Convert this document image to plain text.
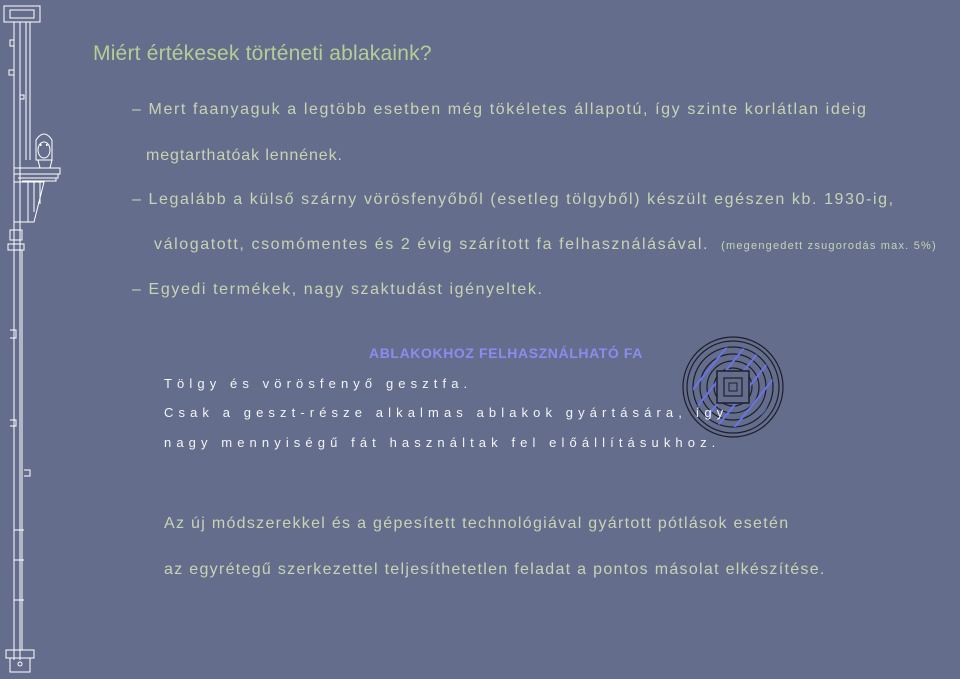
Miért értékesek történeti ablakaink?
– Mert faanyaguk a legtöbb esetben még tökéletes állapotú, így szinte korlátlan ideig
megtarthatóak lennének.
– Legalább a külső szárny vörösfenyőből (esetleg tölgyből) készült egészen kb. 1930-ig,
válogatott, csomómentes és 2 évig szárított fa felhasználásával. (megengedett zsugorodás max. 5%)
– Egyedi termékek, nagy szaktudást igényeltek.
ABLAKOKHOZ FELHASZNÁLHATÓ FA
Tölgy és vörösfenyő gesztfa.
Csak a geszt-része alkalmas ablakok gyártására, így
nagy mennyiségű fát használtak fel előállításukhoz.
Az új módszerekkel és a gépesített technológiával gyártott pótlások esetén
az egyrétegű szerkezettel teljesíthetetlen feladat a pontos másolat elkészítése.
